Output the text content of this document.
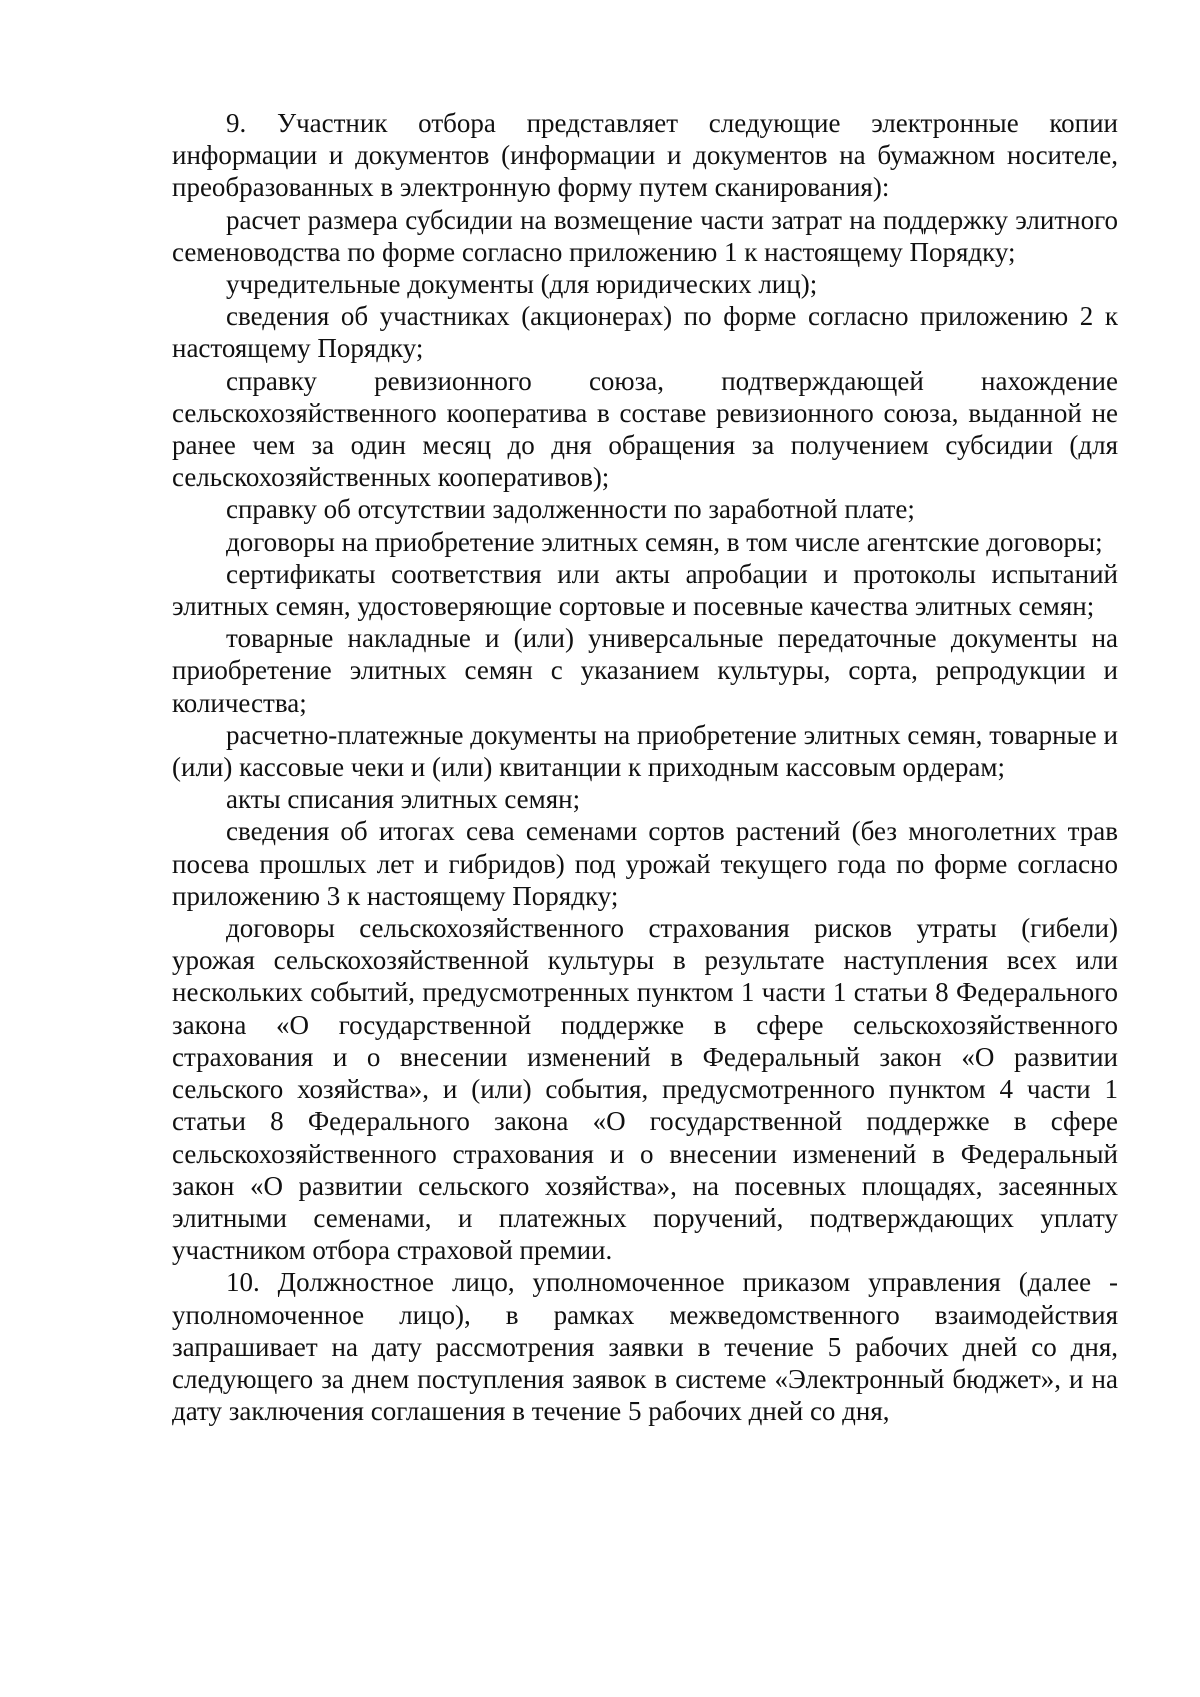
9. Участник отбора представляет следующие электронные копии информации и документов (информации и документов на бумажном носителе, преобразованных в электронную форму путем сканирования):

расчет размера субсидии на возмещение части затрат на поддержку элитного семеноводства по форме согласно приложению 1 к настоящему Порядку;

учредительные документы (для юридических лиц);

сведения об участниках (акционерах) по форме согласно приложению 2 к настоящему Порядку;

справку ревизионного союза, подтверждающей нахождение сельскохозяйственного кооператива в составе ревизионного союза, выданной не ранее чем за один месяц до дня обращения за получением субсидии (для сельскохозяйственных кооперативов);

справку об отсутствии задолженности по заработной плате;

договоры на приобретение элитных семян, в том числе агентские договоры;

сертификаты соответствия или акты апробации и протоколы испытаний элитных семян, удостоверяющие сортовые и посевные качества элитных семян;

товарные накладные и (или) универсальные передаточные документы на приобретение элитных семян с указанием культуры, сорта, репродукции и количества;

расчетно-платежные документы на приобретение элитных семян, товарные и (или) кассовые чеки и (или) квитанции к приходным кассовым ордерам;

акты списания элитных семян;

сведения об итогах сева семенами сортов растений (без многолетних трав посева прошлых лет и гибридов) под урожай текущего года по форме согласно приложению 3 к настоящему Порядку;

договоры сельскохозяйственного страхования рисков утраты (гибели) урожая сельскохозяйственной культуры в результате наступления всех или нескольких событий, предусмотренных пунктом 1 части 1 статьи 8 Федерального закона «О государственной поддержке в сфере сельскохозяйственного страхования и о внесении изменений в Федеральный закон «О развитии сельского хозяйства», и (или) события, предусмотренного пунктом 4 части 1 статьи 8 Федерального закона «О государственной поддержке в сфере сельскохозяйственного страхования и о внесении изменений в Федеральный закон «О развитии сельского хозяйства», на посевных площадях, засеянных элитными семенами, и платежных поручений, подтверждающих уплату участником отбора страховой премии.

10. Должностное лицо, уполномоченное приказом управления (далее - уполномоченное лицо), в рамках межведомственного взаимодействия запрашивает на дату рассмотрения заявки в течение 5 рабочих дней со дня, следующего за днем поступления заявок в системе «Электронный бюджет», и на дату заключения соглашения в течение 5 рабочих дней со дня,
